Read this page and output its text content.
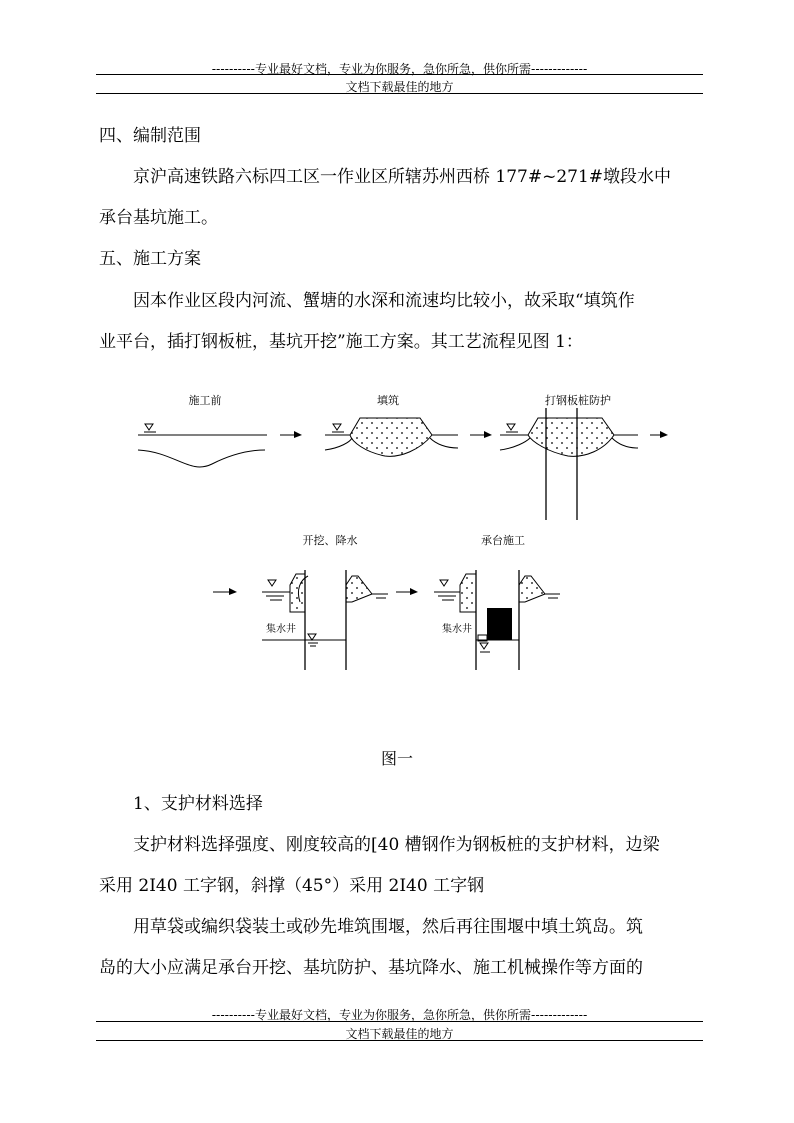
----------专业最好文档，专业为你服务，急你所急，供你所需-------------
文档下载最佳的地方
四、编制范围
京沪高速铁路六标四工区一作业区所辖苏州西桥 177#~271#墩段水中
承台基坑施工。
五、施工方案
因本作业区段内河流、蟹塘的水深和流速均比较小，故采取“填筑作
业平台，插打钢板桩，基坑开挖”施工方案。其工艺流程见图 1：
施工前	填筑	打钢板桩防护
开挖、降水
集水井
承台施工
集水井
图一
1、支护材料选择
支护材料选择强度、刚度较高的[40 槽钢作为钢板桩的支护材料，边梁
采用 2I40 工字钢，斜撑（45°）采用 2I40 工字钢
用草袋或编织袋装土或砂先堆筑围堰，然后再往围堰中填土筑岛。筑
岛的大小应满足承台开挖、基坑防护、基坑降水、施工机械操作等方面的
----------专业最好文档，专业为你服务，急你所急，供你所需-------------
文档下载最佳的地方
